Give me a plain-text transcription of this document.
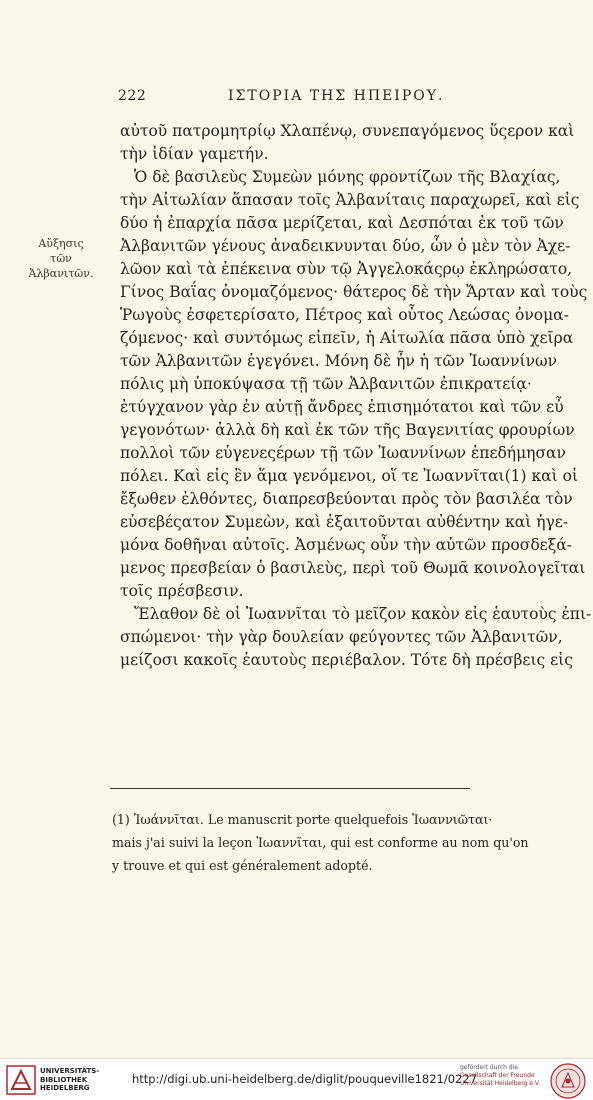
222	ΙΣΤΟΡΙΑ ΤΗΣ ΗΠΕΙΡΟΥ.
Αὔξησις
τῶν
Ἀλβανιτῶν.
αὐτοῦ πατρομητρίῳ Χλαπένῳ, συνεπαγόμενος ὕςερον καὶ
τὴν ἰδίαν γαμετήν.
Ὁ δὲ βασιλεὺς Συμεὼν μόνης φροντίζων τῆς Βλαχίας,
τὴν Αἰτωλίαν ἅπασαν τοῖς Ἀλβανίταις παραχωρεῖ, καὶ εἰς
δύο ἡ ἐπαρχία πᾶσα μερίζεται, καὶ Δεσπόται ἐκ τοῦ τῶν
Ἀλβανιτῶν γένους ἀναδεικνυνται δύο, ὧν ὁ μὲν τὸν Ἀχε-
λῶον καὶ τὰ ἐπέκεινα σὺν τῷ Ἀγγελοκάςρῳ ἐκληρώσατο,
Γίνος Βαΐας ὀνομαζόμενος· θάτερος δὲ τὴν Ἄρταν καὶ τοὺς
Ῥωγοὺς ἐσφετερίσατο, Πέτρος καὶ οὗτος Λεώσας ὀνομα-
ζόμενος· καὶ συντόμως εἰπεῖν, ἡ Αἰτωλία πᾶσα ὑπὸ χεῖρα
τῶν Ἀλβανιτῶν ἐγεγόνει. Μόνη δὲ ἦν ἡ τῶν Ἰωαννίνων
πόλις μὴ ὑποκύψασα τῇ τῶν Ἀλβανιτῶν ἐπικρατείᾳ·
ἐτύγχανον γὰρ ἐν αὐτῇ ἄνδρες ἐπισημότατοι καὶ τῶν εὖ
γεγονότων· ἀλλὰ δὴ καὶ ἐκ τῶν τῆς Βαγενιτίας φρουρίων
πολλοὶ τῶν εὐγενεςέρων τῇ τῶν Ἰωαννίνων ἐπεδήμησαν
πόλει. Καὶ εἰς ἓν ἅμα γενόμενοι, οἵ τε Ἰωαννῖται(1) καὶ οἱ
ἔξωθεν ἐλθόντες, διαπρεσβεύονται πρὸς τὸν βασιλέα τὸν
εὐσεβέςατον Συμεὼν, καὶ ἐξαιτοῦνται αὐθέντην καὶ ἡγε-
μόνα δοθῆναι αὐτοῖς. Ἀσμένως οὖν τὴν αὐτῶν προσδεξά-
μενος πρεσβείαν ὁ βασιλεὺς, περὶ τοῦ Θωμᾶ κοινολογεῖται
τοῖς πρέσβεσιν.
Ἔλαθον δὲ οἱ Ἰωαννῖται τὸ μεῖζον κακὸν εἰς ἑαυτοὺς ἐπι-
σπώμενοι· τὴν γὰρ δουλείαν φεύγοντες τῶν Ἀλβανιτῶν,
μείζοσι κακοῖς ἑαυτοὺς περιέβαλον. Τότε δὴ πρέσβεις εἰς
(1) Ἰωάννῖται. Le manuscrit porte quelquefois Ἰωαννιῶται·
mais j'ai suivi la leçon Ἰωαννῖται, qui est conforme au nom qu'on
y trouve et qui est généralement adopté.
UNIVERSITÄTS-
BIBLIOTHEK
HEIDELBERG
http://digi.ub.uni-heidelberg.de/diglit/pouqueville1821/0227
gefördert durch die
Gesellschaft der Freunde
Universität Heidelberg e.V.
